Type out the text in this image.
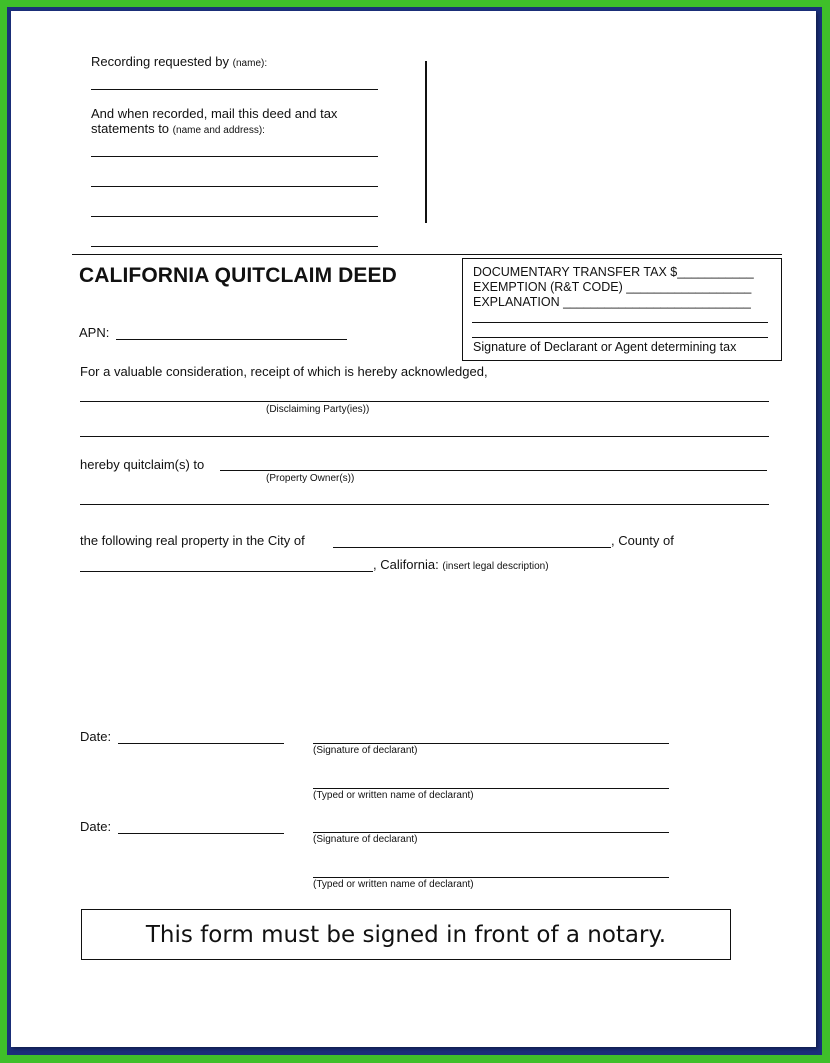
Recording requested by (name):
And when recorded, mail this deed and tax
statements to (name and address):
CALIFORNIA QUITCLAIM DEED	DOCUMENTARY TRANSFER TAX $___________
EXEMPTION (R&T CODE) __________________
EXPLANATION ___________________________
Signature of Declarant or Agent determining tax
APN:
For a valuable consideration, receipt of which is hereby acknowledged,
(Disclaiming Party(ies))
hereby quitclaim(s) to
(Property Owner(s))
the following real property in the City of	, County of
, California: (insert legal description)
Date:
(Signature of declarant)
(Typed or written name of declarant)
Date:
(Signature of declarant)
(Typed or written name of declarant)
This form must be signed in front of a notary.
